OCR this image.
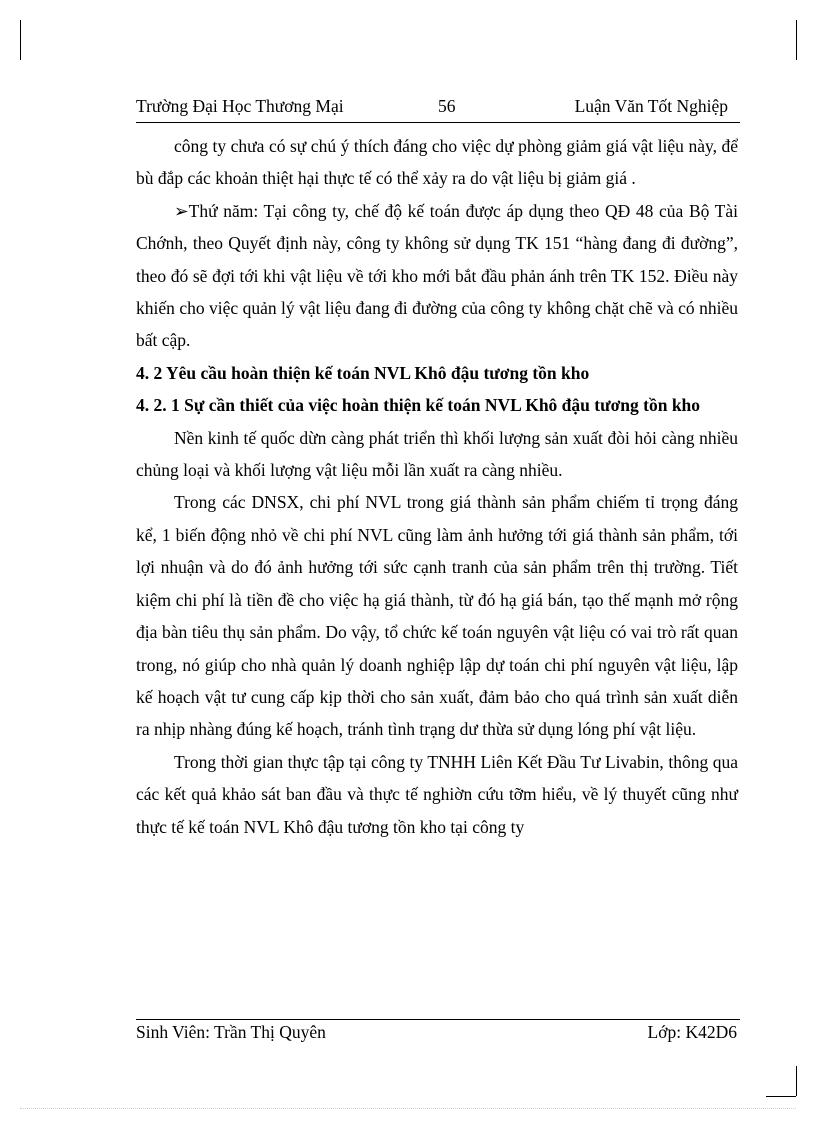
Trường Đại Học Thương Mại	56	Luận Văn Tốt Nghiệp

công ty chưa có sự chú ý thích đáng cho việc dự phòng giảm giá vật liệu này, để bù đắp các khoản thiệt hại thực tế có thể xảy ra do vật liệu bị giảm giá .

➢Thứ năm: Tại công ty, chế độ kế toán được áp dụng theo QĐ 48 của Bộ Tài Chớnh, theo Quyết định này, công ty không sử dụng TK 151 “hàng đang đi đường”, theo đó sẽ đợi tới khi vật liệu về tới kho mới bắt đầu phản ánh trên TK 152. Điều này khiến cho việc quản lý vật liệu đang đi đường của công ty không chặt chẽ và có nhiều bất cập.

4. 2 Yêu cầu hoàn thiện kế toán NVL Khô đậu tương tồn kho

4. 2. 1 Sự cần thiết của việc hoàn thiện kế toán NVL Khô đậu tương tồn kho

Nền kinh tế quốc dừn càng phát triển thì khối lượng sản xuất đòi hỏi càng nhiều chủng loại và khối lượng vật liệu mỗi lần xuất ra càng nhiều.

Trong các DNSX, chi phí NVL trong giá thành sản phẩm chiếm tỉ trọng đáng kể, 1 biến động nhỏ về chi phí NVL cũng làm ảnh hưởng tới giá thành sản phẩm, tới lợi nhuận và do đó ảnh hưởng tới sức cạnh tranh của sản phẩm trên thị trường. Tiết kiệm chi phí là tiền đề cho việc hạ giá thành, từ đó hạ giá bán, tạo thế mạnh mở rộng địa bàn tiêu thụ sản phẩm. Do vậy, tổ chức kế toán nguyên vật liệu có vai trò rất quan trong, nó giúp cho nhà quản lý doanh nghiệp lập dự toán chi phí nguyên vật liệu, lập kế hoạch vật tư cung cấp kịp thời cho sản xuất, đảm bảo cho quá trình sản xuất diễn ra nhịp nhàng đúng kế hoạch, tránh tình trạng dư thừa sử dụng lóng phí vật liệu.

Trong thời gian thực tập tại công ty TNHH Liên Kết Đầu Tư Livabin, thông qua các kết quả khảo sát ban đầu và thực tế nghiờn cứu tỡm hiểu, về lý thuyết cũng như thực tế kế toán NVL Khô đậu tương tồn kho tại công ty

Sinh Viên: Trần Thị Quyên	Lớp: K42D6
